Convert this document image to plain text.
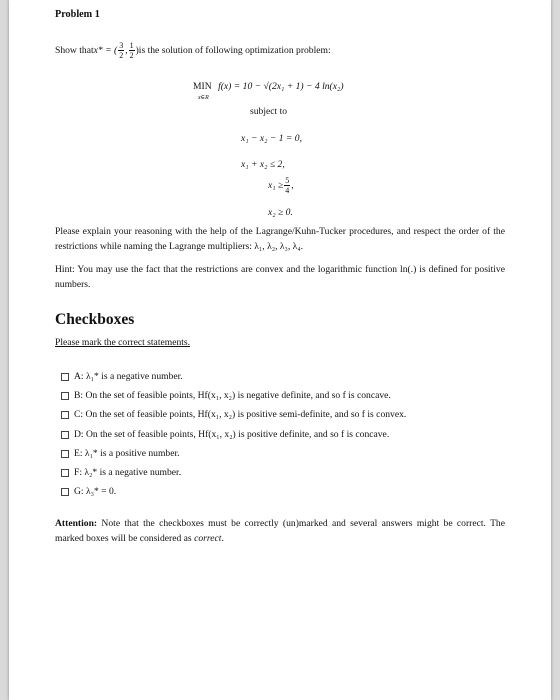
Problem 1
Show that x* = ( $\frac{3}{2}$ , $\frac{1}{2}$ ) is the solution of following optimization problem:
MIN
x∈R
f(x) = 10 − √(2x₁ + 1) − 4 ln(x₂)
subject to
x₁ − x₂ − 1 = 0,
x₁ + x₂ ≤ 2,
$x_1 \ge \frac{5}{4}$ ,
x₂ ≥ 0.
Please explain your reasoning with the help of the Lagrange/Kuhn-Tucker procedures, and respect the order of the restrictions while naming the Lagrange multipliers: λ₁, λ₂, λ₃, λ₄.
Hint: You may use the fact that the restrictions are convex and the logarithmic function ln(.) is defined for positive numbers.
Checkboxes
Please mark the correct statements.
A: λ₁* is a negative number.
B: On the set of feasible points, Hf(x₁, x₂) is negative definite, and so f is concave.
C: On the set of feasible points, Hf(x₁, x₂) is positive semi-definite, and so f is convex.
D: On the set of feasible points, Hf(x₁, x₂) is positive definite, and so f is concave.
E: λ₁* is a positive number.
F: λ₂* is a negative number.
G: λ₃* = 0.
Attention: Note that the checkboxes must be correctly (un)marked and several answers might be correct. The marked boxes will be considered as correct.
